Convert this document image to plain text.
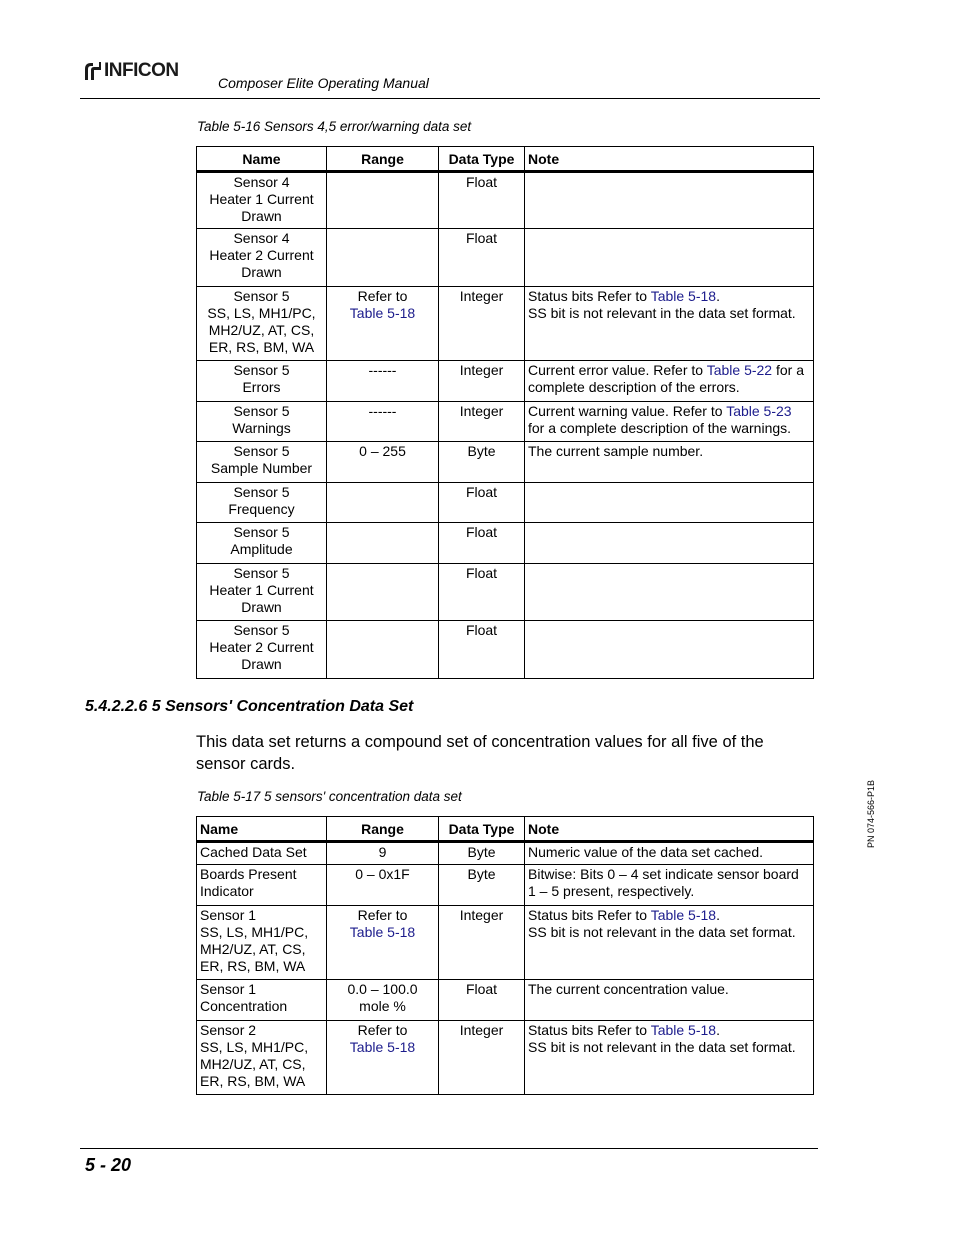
INFICON
Composer Elite Operating Manual
Table 5-16 Sensors 4,5 error/warning data set
Name	Range	Data Type	Note
Sensor 4
Heater 1 Current
Drawn		Float	
Sensor 4
Heater 2 Current
Drawn		Float	
Sensor 5
SS, LS, MH1/PC,
MH2/UZ, AT, CS,
ER, RS, BM, WA	Refer to
Table 5-18	Integer	Status bits Refer to Table 5-18.
SS bit is not relevant in the data set format.
Sensor 5
Errors	------	Integer	Current error value. Refer to Table 5-22 for a complete description of the errors.
Sensor 5
Warnings	------	Integer	Current warning value. Refer to Table 5-23 for a complete description of the warnings.
Sensor 5
Sample Number	0 – 255	Byte	The current sample number.
Sensor 5
Frequency		Float	
Sensor 5
Amplitude		Float	
Sensor 5
Heater 1 Current
Drawn		Float	
Sensor 5
Heater 2 Current
Drawn		Float	
5.4.2.2.6 5 Sensors' Concentration Data Set
This data set returns a compound set of concentration values for all five of the sensor cards.
Table 5-17 5 sensors' concentration data set
Name	Range	Data Type	Note
Cached Data Set	9	Byte	Numeric value of the data set cached.
Boards Present
Indicator	0 – 0x1F	Byte	Bitwise: Bits 0 – 4 set indicate sensor board 1 – 5 present, respectively.
Sensor 1
SS, LS, MH1/PC,
MH2/UZ, AT, CS,
ER, RS, BM, WA	Refer to
Table 5-18	Integer	Status bits Refer to Table 5-18.
SS bit is not relevant in the data set format.
Sensor 1
Concentration	0.0 – 100.0
mole %	Float	The current concentration value.
Sensor 2
SS, LS, MH1/PC,
MH2/UZ, AT, CS,
ER, RS, BM, WA	Refer to
Table 5-18	Integer	Status bits Refer to Table 5-18.
SS bit is not relevant in the data set format.
PN 074-566-P1B
5 - 20
